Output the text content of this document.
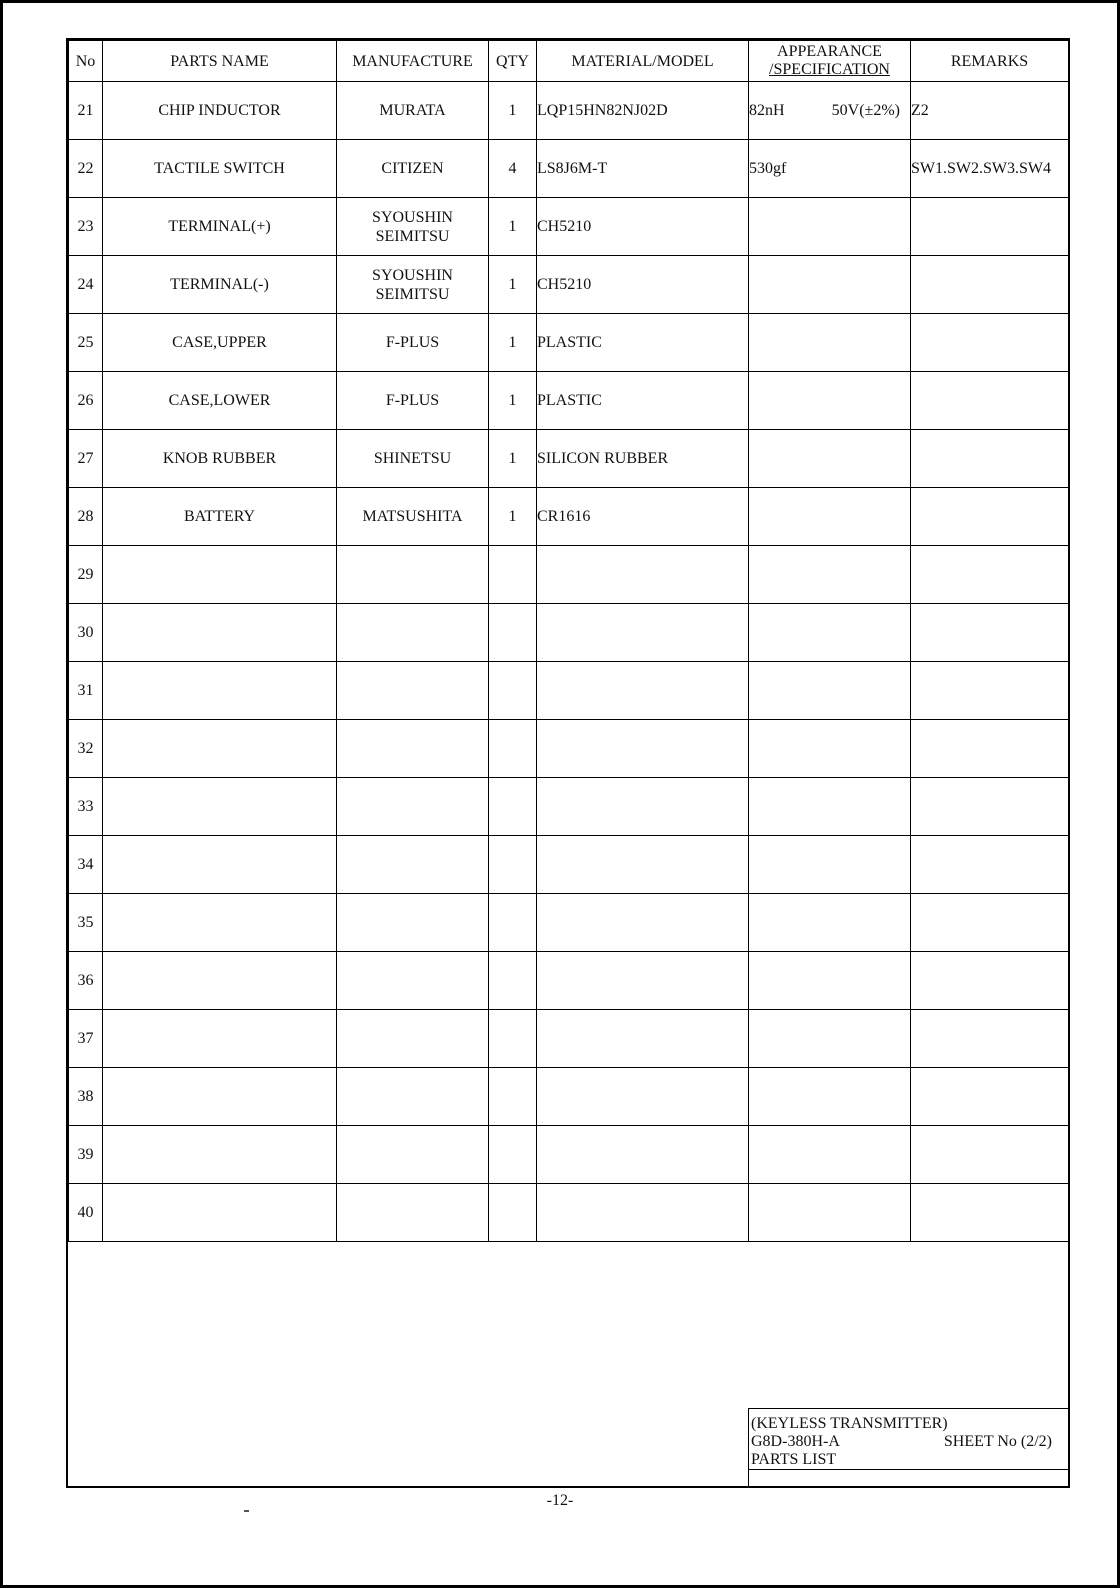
No	PARTS NAME	MANUFACTURE	QTY	MATERIAL/MODEL	APPEARANCE
/SPECIFICATION	REMARKS
21	CHIP INDUCTOR	MURATA	1	LQP15HN82NJ02D	82nH 50V(±2%)	Z2
22	TACTILE SWITCH	CITIZEN	4	LS8J6M-T	530gf	SW1.SW2.SW3.SW4
23	TERMINAL(+)	SYOUSHIN
SEIMITSU	1	CH5210	

24	TERMINAL(-)	SYOUSHIN
SEIMITSU	1	CH5210	

25	CASE,UPPER	F-PLUS	1	PLASTIC	

26	CASE,LOWER	F-PLUS	1	PLASTIC	

27	KNOB RUBBER	SHINETSU	1	SILICON RUBBER	

28	BATTERY	MATSUSHITA	1	CR1616	

29		

30		

31		

32		

33		

34		

35		

36		

37		

38		

39		

40		

(KEYLESS TRANSMITTER)
G8D-380H-A	SHEET No (2/2)
PARTS LIST
-12-
